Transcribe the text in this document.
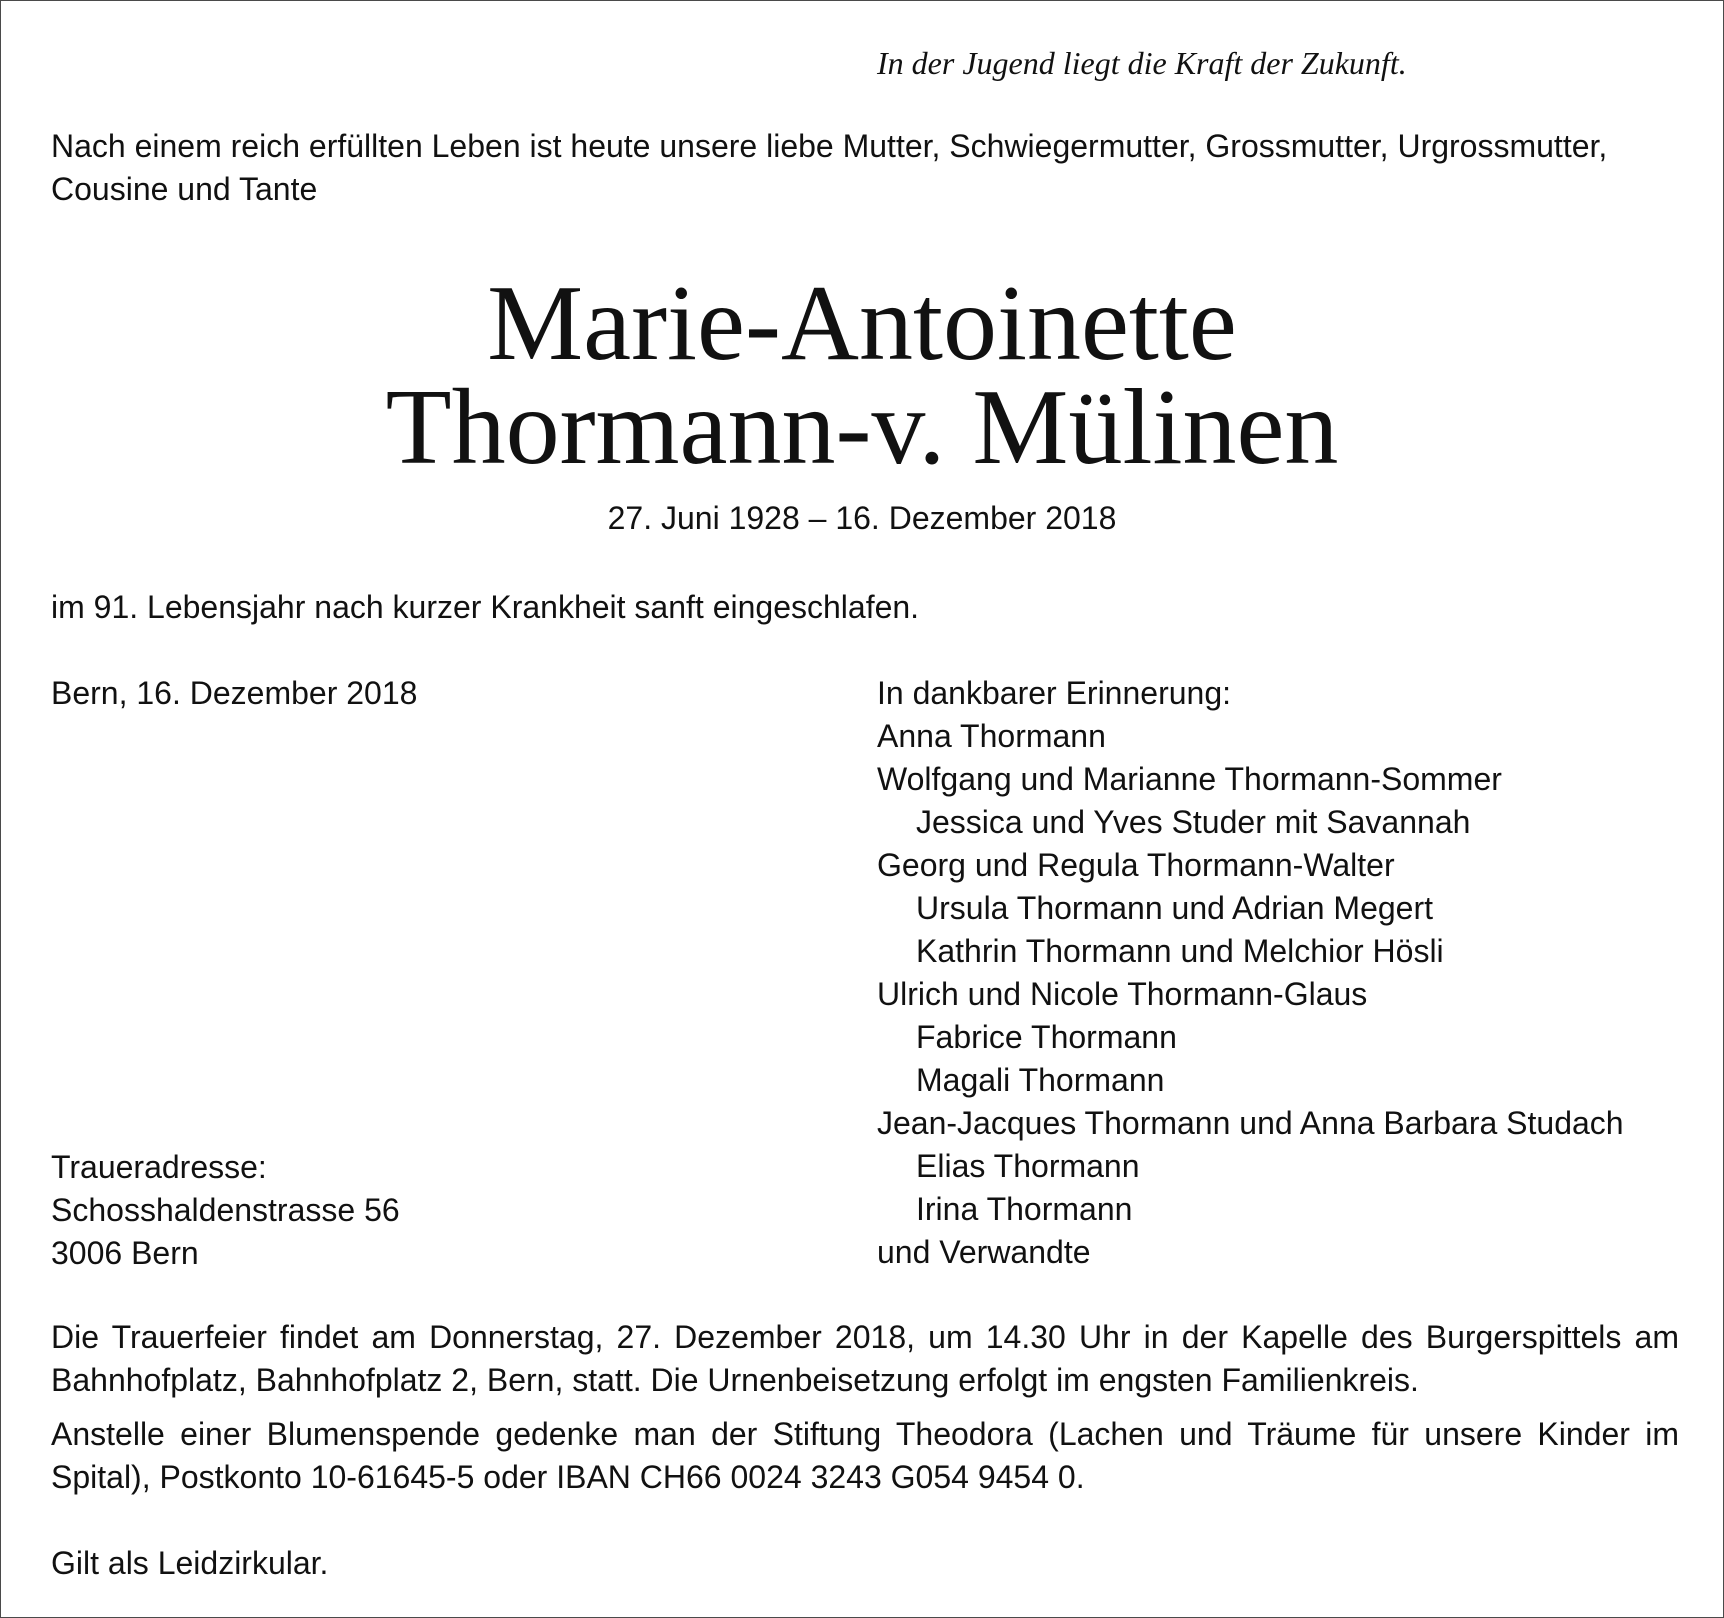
In der Jugend liegt die Kraft der Zukunft.
Nach einem reich erfüllten Leben ist heute unsere liebe Mutter, Schwiegermutter, Grossmutter, Urgrossmutter, Cousine und Tante
Marie-Antoinette
Thormann-v. Mülinen
27. Juni 1928 – 16. Dezember 2018
im 91. Lebensjahr nach kurzer Krankheit sanft eingeschlafen.
Bern, 16. Dezember 2018
Traueradresse:
Schosshaldenstrasse 56
3006 Bern
In dankbarer Erinnerung:
Anna Thormann
Wolfgang und Marianne Thormann-Sommer
Jessica und Yves Studer mit Savannah
Georg und Regula Thormann-Walter
Ursula Thormann und Adrian Megert
Kathrin Thormann und Melchior Hösli
Ulrich und Nicole Thormann-Glaus
Fabrice Thormann
Magali Thormann
Jean-Jacques Thormann und Anna Barbara Studach
Elias Thormann
Irina Thormann
und Verwandte
Die Trauerfeier findet am Donnerstag, 27. Dezember 2018, um 14.30 Uhr in der Kapelle des Burgerspittels am Bahnhofplatz, Bahnhofplatz 2, Bern, statt. Die Urnenbeisetzung erfolgt im engsten Familienkreis.
Anstelle einer Blumenspende gedenke man der Stiftung Theodora (Lachen und Träume für unsere Kinder im Spital), Postkonto 10-61645-5 oder IBAN CH66 0024 3243 G054 9454 0.
Gilt als Leidzirkular.
